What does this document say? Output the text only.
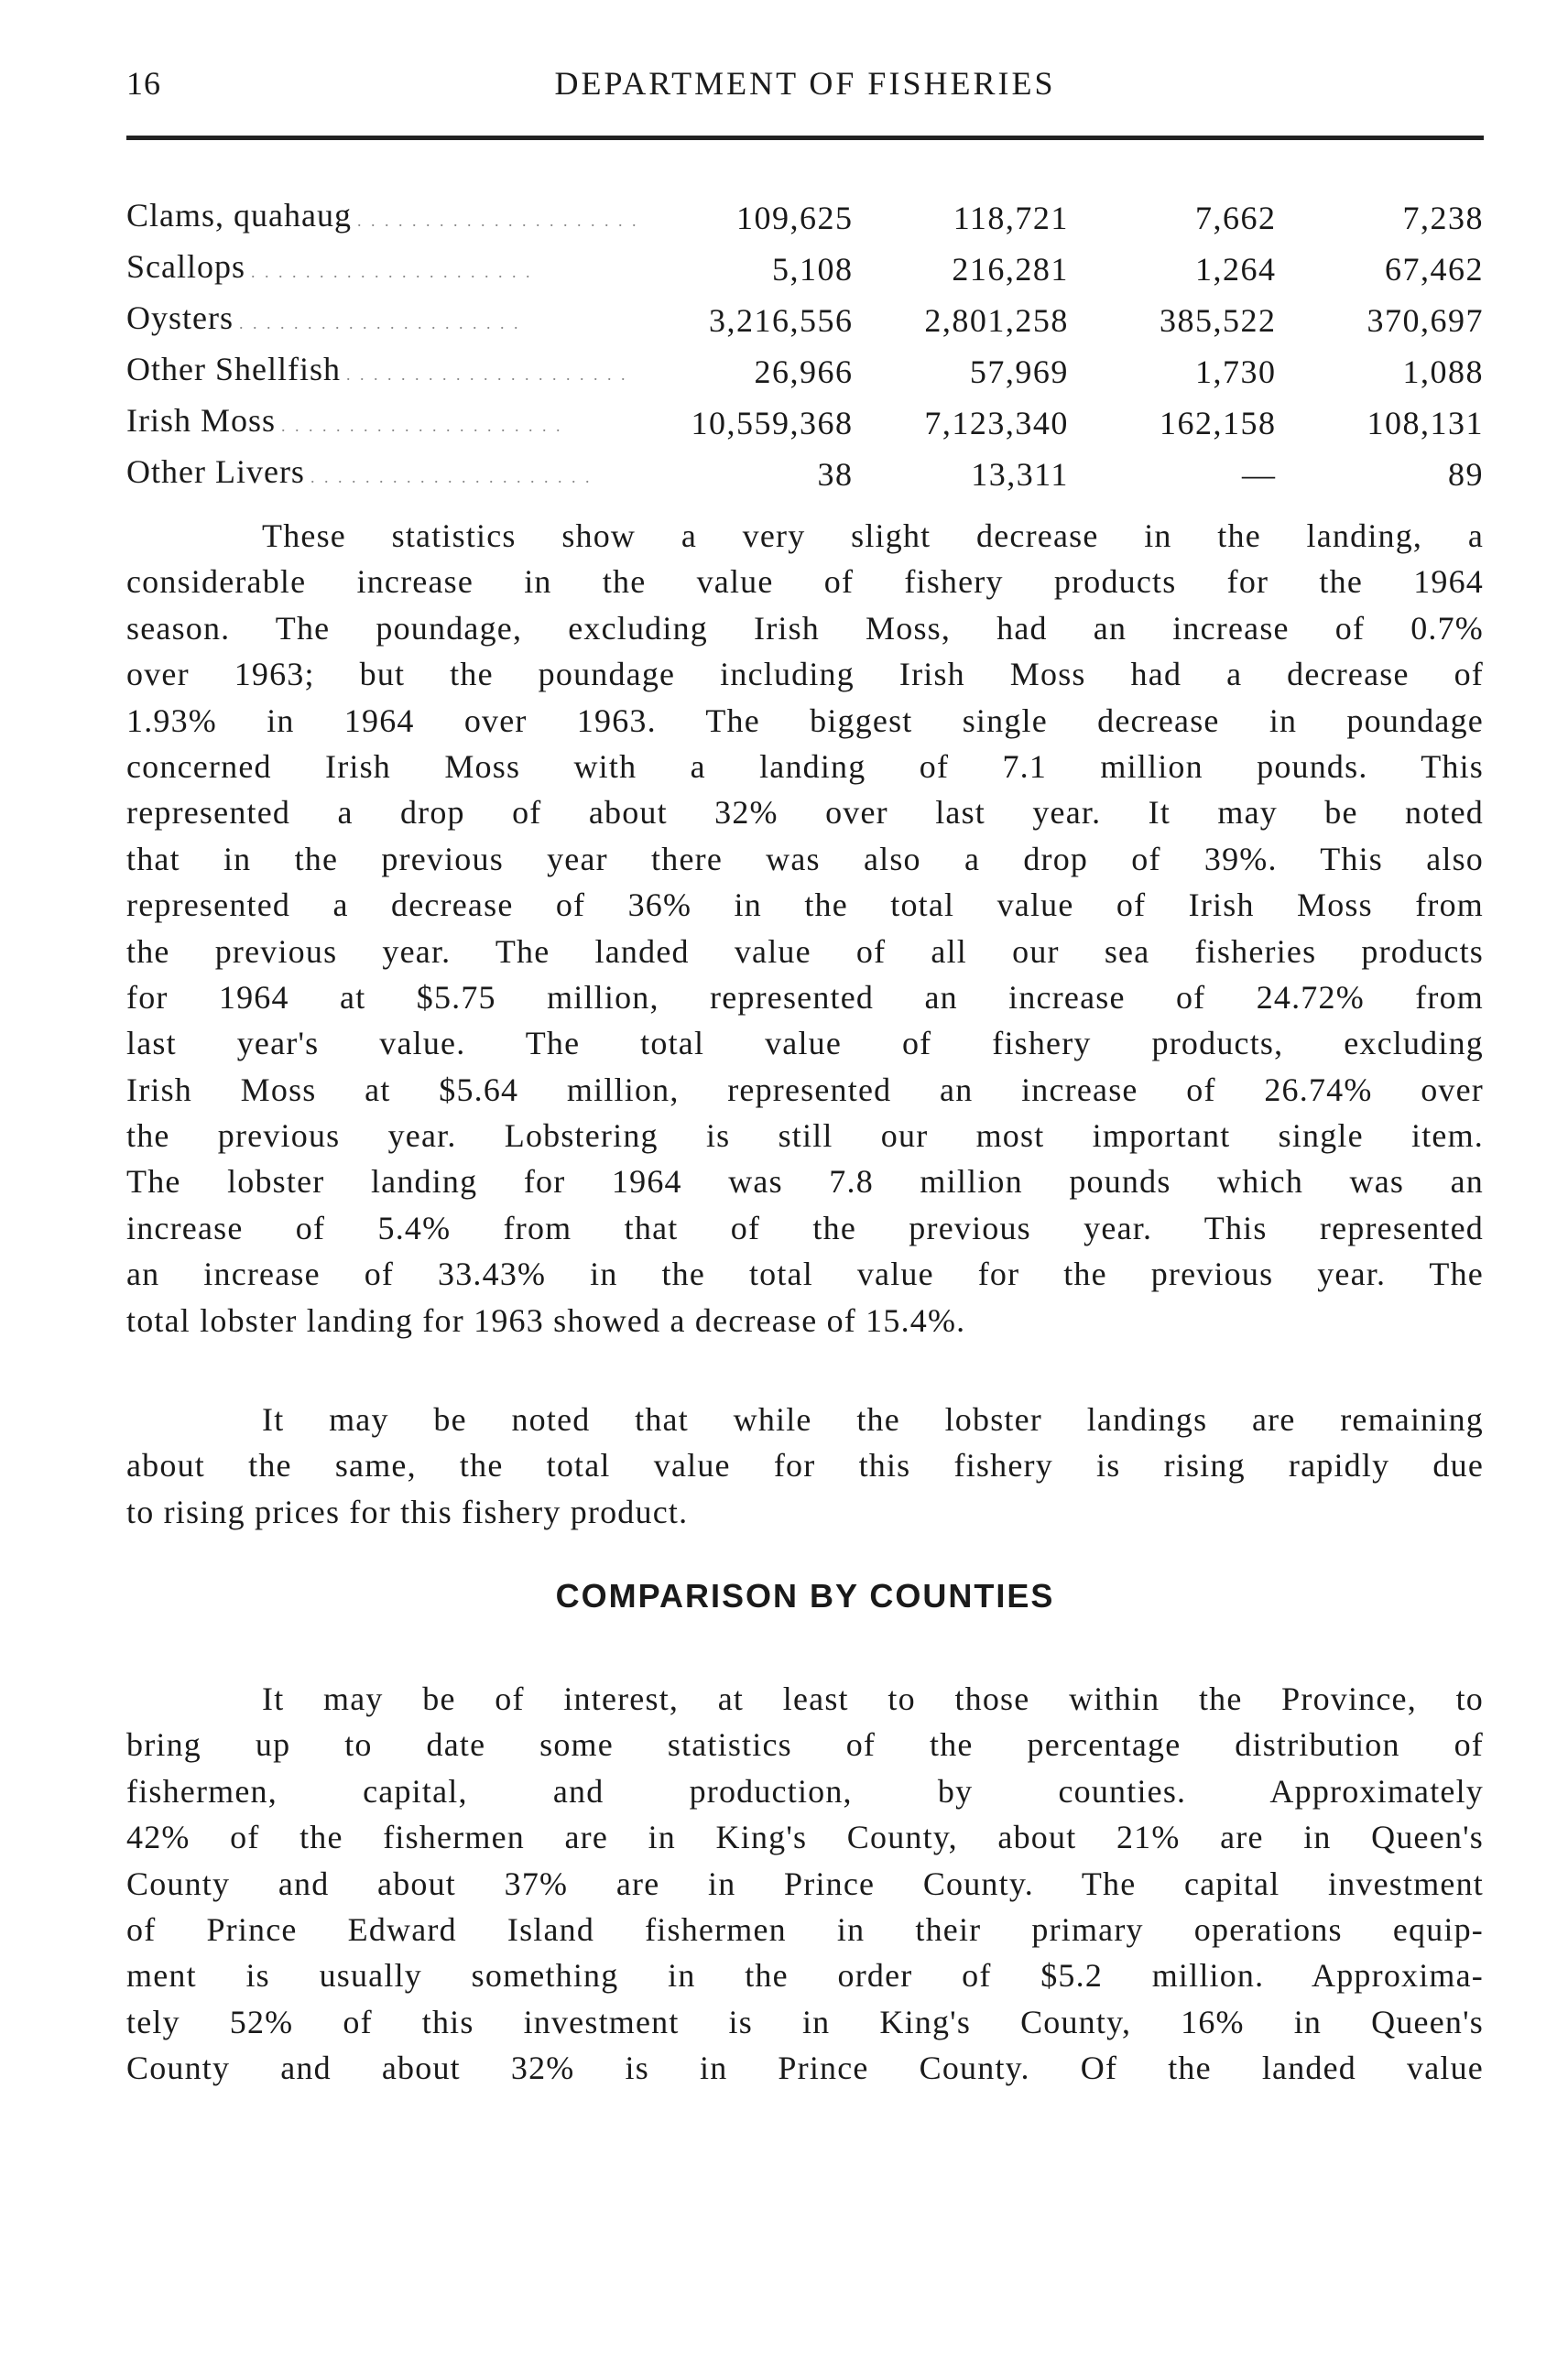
16	DEPARTMENT OF FISHERIES
Clams, quahaug . . . . . . . . . . . . . . . . . . . . .	109,625	118,721	7,662	7,238
Scallops . . . . . . . . . . . . . . . . . . . . .	5,108	216,281	1,264	67,462
Oysters . . . . . . . . . . . . . . . . . . . . .	3,216,556	2,801,258	385,522	370,697
Other Shellfish . . . . . . . . . . . . . . . . . . . . .	26,966	57,969	1,730	1,088
Irish Moss . . . . . . . . . . . . . . . . . . . . .	10,559,368	7,123,340	162,158	108,131
Other Livers . . . . . . . . . . . . . . . . . . . . .	38	13,311	—	89
These statistics show a very slight decrease in the landing, a
considerable increase in the value of fishery products for the 1964
season. The poundage, excluding Irish Moss, had an increase of 0.7%
over 1963; but the poundage including Irish Moss had a decrease of
1.93% in 1964 over 1963. The biggest single decrease in poundage
concerned Irish Moss with a landing of 7.1 million pounds. This
represented a drop of about 32% over last year. It may be noted
that in the previous year there was also a drop of 39%. This also
represented a decrease of 36% in the total value of Irish Moss from
the previous year. The landed value of all our sea fisheries products
for 1964 at $5.75 million, represented an increase of 24.72% from
last year's value. The total value of fishery products, excluding
Irish Moss at $5.64 million, represented an increase of 26.74% over
the previous year. Lobstering is still our most important single item.
The lobster landing for 1964 was 7.8 million pounds which was an
increase of 5.4% from that of the previous year. This represented
an increase of 33.43% in the total value for the previous year. The
total lobster landing for 1963 showed a decrease of 15.4%.
It may be noted that while the lobster landings are remaining
about the same, the total value for this fishery is rising rapidly due
to rising prices for this fishery product.
COMPARISON BY COUNTIES
It may be of interest, at least to those within the Province, to
bring up to date some statistics of the percentage distribution of
fishermen, capital, and production, by counties. Approximately
42% of the fishermen are in King's County, about 21% are in Queen's
County and about 37% are in Prince County. The capital investment
of Prince Edward Island fishermen in their primary operations equip-
ment is usually something in the order of $5.2 million. Approxima-
tely 52% of this investment is in King's County, 16% in Queen's
County and about 32% is in Prince County. Of the landed value
